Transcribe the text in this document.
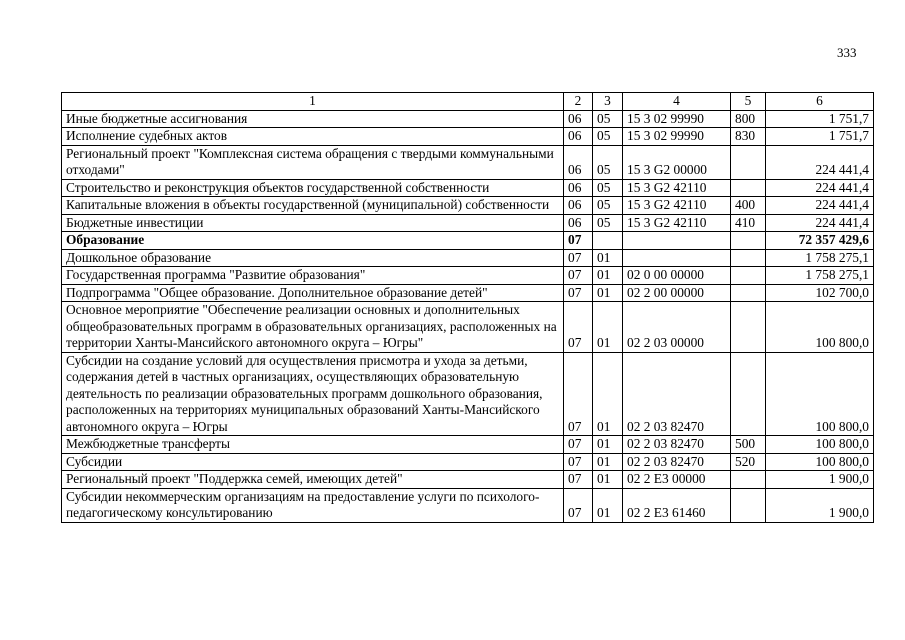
333
1	2	3	4	5	6
Иные бюджетные ассигнования	06	05	15 3 02 99990	800	1 751,7
Исполнение судебных актов	06	05	15 3 02 99990	830	1 751,7
Региональный проект "Комплексная система обращения с твердыми коммунальными отходами"	06	05	15 3 G2 00000		224 441,4
Строительство и реконструкция объектов государственной собственности	06	05	15 3 G2 42110		224 441,4
Капитальные вложения в объекты государственной (муниципальной) собственности	06	05	15 3 G2 42110	400	224 441,4
Бюджетные инвестиции	06	05	15 3 G2 42110	410	224 441,4
Образование	07				72 357 429,6
Дошкольное образование	07	01			1 758 275,1
Государственная программа "Развитие образования"	07	01	02 0 00 00000		1 758 275,1
Подпрограмма "Общее образование. Дополнительное образование детей"	07	01	02 2 00 00000		102 700,0
Основное мероприятие "Обеспечение реализации основных и дополнительных общеобразовательных программ в образовательных организациях, расположенных на территории Ханты-Мансийского автономного округа – Югры"	07	01	02 2 03 00000		100 800,0
Субсидии на создание условий для осуществления присмотра и ухода за детьми, содержания детей в частных организациях, осуществляющих образовательную деятельность по реализации образовательных программ дошкольного образования, расположенных на территориях муниципальных образований Ханты-Мансийского автономного округа – Югры	07	01	02 2 03 82470		100 800,0
Межбюджетные трансферты	07	01	02 2 03 82470	500	100 800,0
Субсидии	07	01	02 2 03 82470	520	100 800,0
Региональный проект "Поддержка семей, имеющих детей"	07	01	02 2 E3 00000		1 900,0
Субсидии некоммерческим организациям на предоставление услуги по психолого-педагогическому консультированию	07	01	02 2 E3 61460		1 900,0
